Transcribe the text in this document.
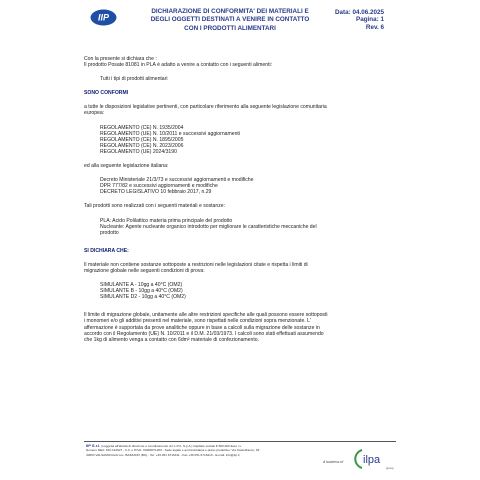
IIP
DICHIARAZIONE DI CONFORMITA' DEI MATERIALI E
DEGLI OGGETTI DESTINATI A VENIRE IN CONTATTO
CON I PRODOTTI ALIMENTARI
Data: 04.06.2025
Pagina: 1
Rev. 6

Con la presente si dichiara che :
Il prodotto Posate 81081 in PLA è adatto a venire a contatto con i seguenti alimenti:

Tutti i tipi di prodotti alimentari

SONO CONFORMI

a tutte le disposizioni legislative pertinenti, con particolare riferimento alla seguente legislazione comunitaria
europea:

REGOLAMENTO (CE) N. 1935/2004
REGOLAMENTO (UE) N. 10/2011 e successivi aggiornamenti
REGOLAMENTO (CE) N. 1895/2005
REGOLAMENTO (CE) N. 2023/2006
REGOLAMENTO (UE) 2024/3190

ed alla seguente legislazione italiana:

Decreto Ministeriale 21/3/73 e successivi aggiornamenti e modifiche
DPR 777/82 e successivi aggiornamenti e modifiche
DECRETO LEGISLATIVO 10 febbraio 2017, n.29

Tali prodotti sono realizzati con i seguenti materiali e sostanze:

PLA: Acido Polilattico materia prima principale del prodotto
Nucleante: Agente nucleante organico introdotto per migliorare le caratteristiche meccaniche del
prodotto

SI DICHIARA CHE:

Il materiale non contiene sostanze sottoposte a restrizioni nelle legislazioni citate e rispetta i limiti di
migrazione globale nelle seguenti condizioni di prova:

SIMULANTE A - 10gg a 40°C (OM2)
SIMULANTE B - 10gg a 40°C (OM2)
SIMULANTE D2 - 10gg a 40°C (OM2)

Il limite di migrazione globale, unitamente alle altre restrizioni specifiche alle quali possono essere sottoposti
i monomeri e/o gli additivi presenti nel materiale, sono rispettati nelle condizioni sopra menzionate. L'
affermazione è supportata da prove analitiche oppure in base a calcoli sulla migrazione delle sostanze in
accordo con il Regolamento (UE) N. 10/2011 e il D.M. 21/03/1973. I calcoli sono stati effettuati assumendo
che 1kg di alimento venga a contatto con 6dm² materiale di confezionamento.

IIP S.r.l. (soggetta all'attività di direzione e coordinamento di I.L.P.A. S.p.A.) Capitale sociale € 500.000 Euro i.v.
Numero REA: MO-124627 - C.F. e P.IVA: 03489071203 - Sede legale e amministrativa e piano produttivo: Via Castelfranco, 92
40053 VALSAMOGGIA Loc. BAZZANO (BO) - Tel. +39 051 6716411 - Fax +39 051 6716413 - E-mail: info@iip.it
A business of ilpa
group
